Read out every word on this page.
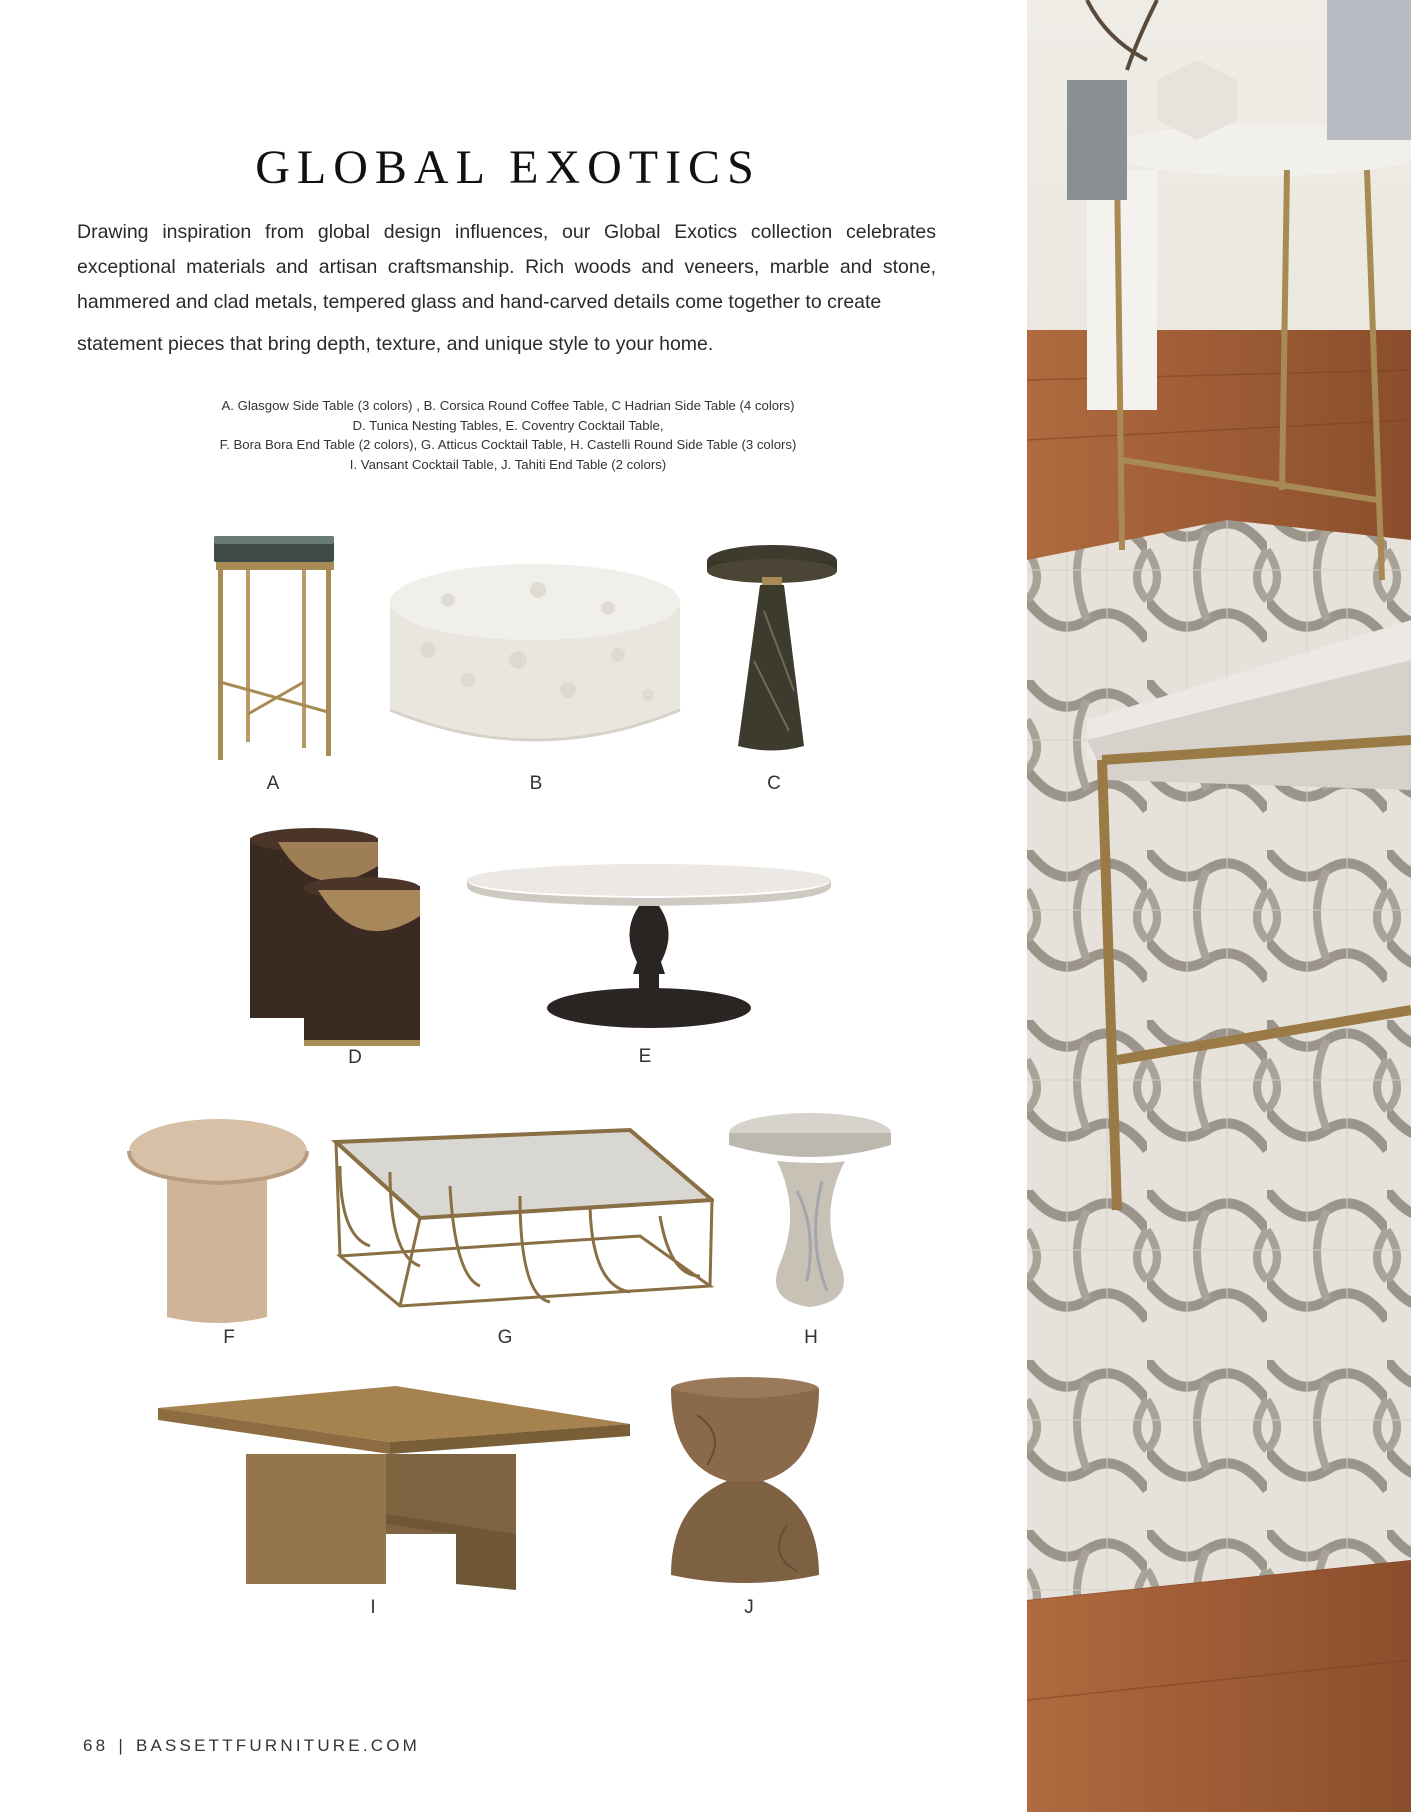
GLOBAL EXOTICS

Drawing inspiration from global design influences, our Global Exotics collection celebrates exceptional materials and artisan craftsmanship. Rich woods and veneers, marble and stone, hammered and clad metals, tempered glass and hand-carved details come together to create
statement pieces that bring depth, texture, and unique style to your home.

A. Glasgow Side Table (3 colors) , B. Corsica Round Coffee Table, C Hadrian Side Table (4 colors)
D. Tunica Nesting Tables, E. Coventry Cocktail Table,
F. Bora Bora End Table (2 colors), G. Atticus Cocktail Table, H. Castelli Round Side Table (3 colors)
I. Vansant Cocktail Table, J. Tahiti End Table (2 colors)
A	B	C
D	E
F	G	H
I	J
68 | BASSETTFURNITURE.COM
